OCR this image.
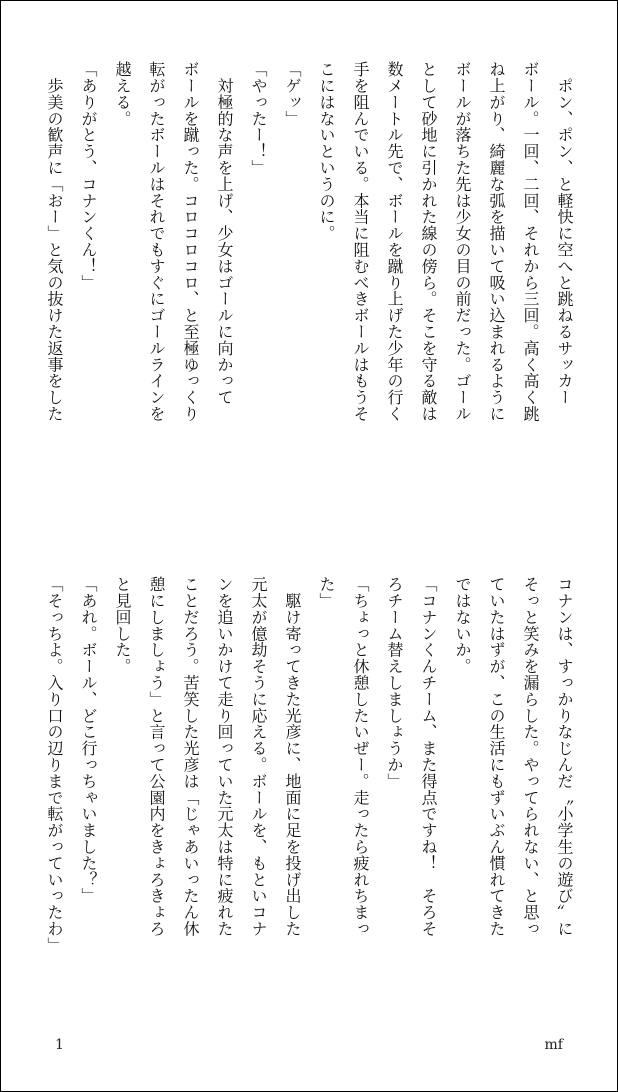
　ポン、ポン、と軽快に空へと跳ねるサッカー
ボール。一回、二回、それから三回。高く高く跳
ね上がり、綺麗な弧を描いて吸い込まれるように
ボールが落ちた先は少女の目の前だった。ゴール
として砂地に引かれた線の傍ら。そこを守る敵は
数メートル先で、ボールを蹴り上げた少年の行く
手を阻んでいる。本当に阻むべきボールはもうそ
こにはないというのに。
「ゲッ」
「やったー！」
　対極的な声を上げ、少女はゴールに向かって
ボールを蹴った。コロコロコロ、と至極ゆっくり
転がったボールはそれでもすぐにゴールラインを
越える。
「ありがとう、コナンくん！」
　歩美の歓声に「おー」と気の抜けた返事をした
コナンは、すっかりなじんだ〝小学生の遊び〟に
そっと笑みを漏らした。やってられない、と思っ
ていたはずが、この生活にもずいぶん慣れてきた
ではないか。
「コナンくんチーム、また得点ですね！　そろそ
ろチーム替えしましょうか」
「ちょっと休憩したいぜー。走ったら疲れちまっ
た」
　駆け寄ってきた光彦に、地面に足を投げ出した
元太が億劫そうに応える。ボールを、もといコナ
ンを追いかけて走り回っていた元太は特に疲れた
ことだろう。苦笑した光彦は「じゃあいったん休
憩にしましょう」と言って公園内をきょろきょろ
と見回した。
「あれ。ボール、どこ行っちゃいました？」
「そっちよ。入り口の辺りまで転がっていったわ」
1	mf
